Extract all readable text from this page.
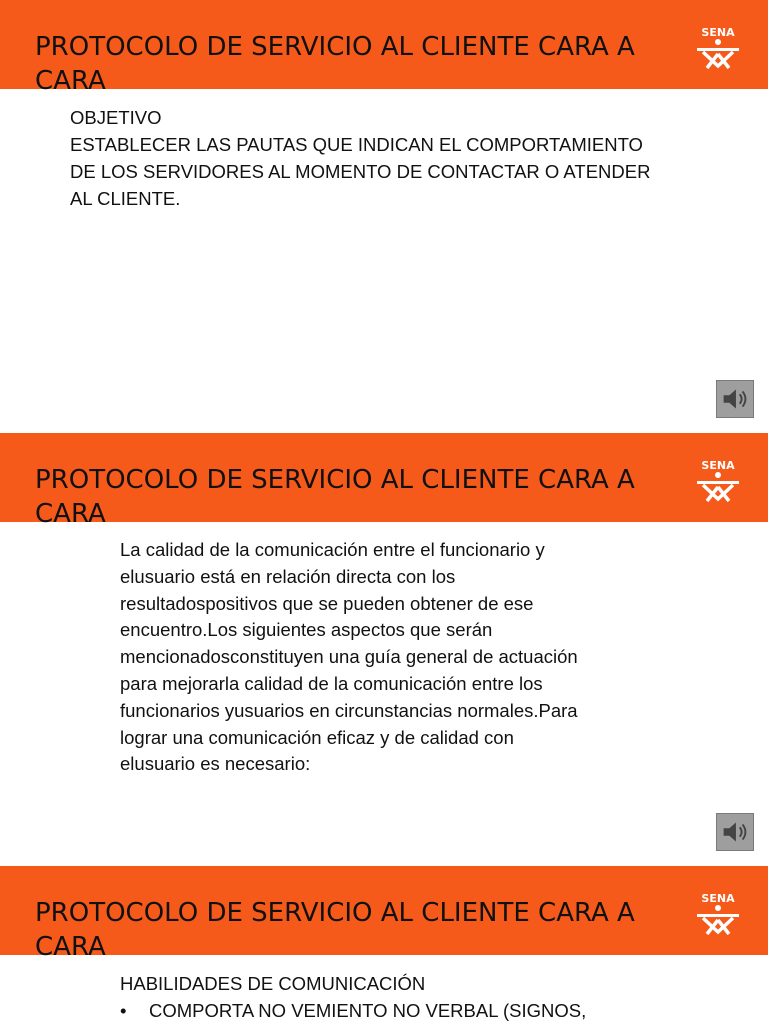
PROTOCOLO DE SERVICIO AL CLIENTE CARA A CARA
SENA
OBJETIVO
ESTABLECER LAS PAUTAS QUE INDICAN EL COMPORTAMIENTO
DE LOS SERVIDORES AL MOMENTO DE CONTACTAR O ATENDER
AL CLIENTE.
PROTOCOLO DE SERVICIO AL CLIENTE CARA A CARA
SENA
La calidad de la comunicación entre el funcionario y
elusuario está en relación directa con los
resultadospositivos que se pueden obtener de ese
encuentro.Los siguientes aspectos que serán
mencionadosconstituyen una guía general de actuación
para mejorarla calidad de la comunicación entre los
funcionarios yusuarios en circunstancias normales.Para
lograr una comunicación eficaz y de calidad con
elusuario es necesario:
PROTOCOLO DE SERVICIO AL CLIENTE CARA A CARA
SENA
HABILIDADES DE COMUNICACIÓN
• COMPORTA NO VEMIENTO NO VERBAL (SIGNOS,
